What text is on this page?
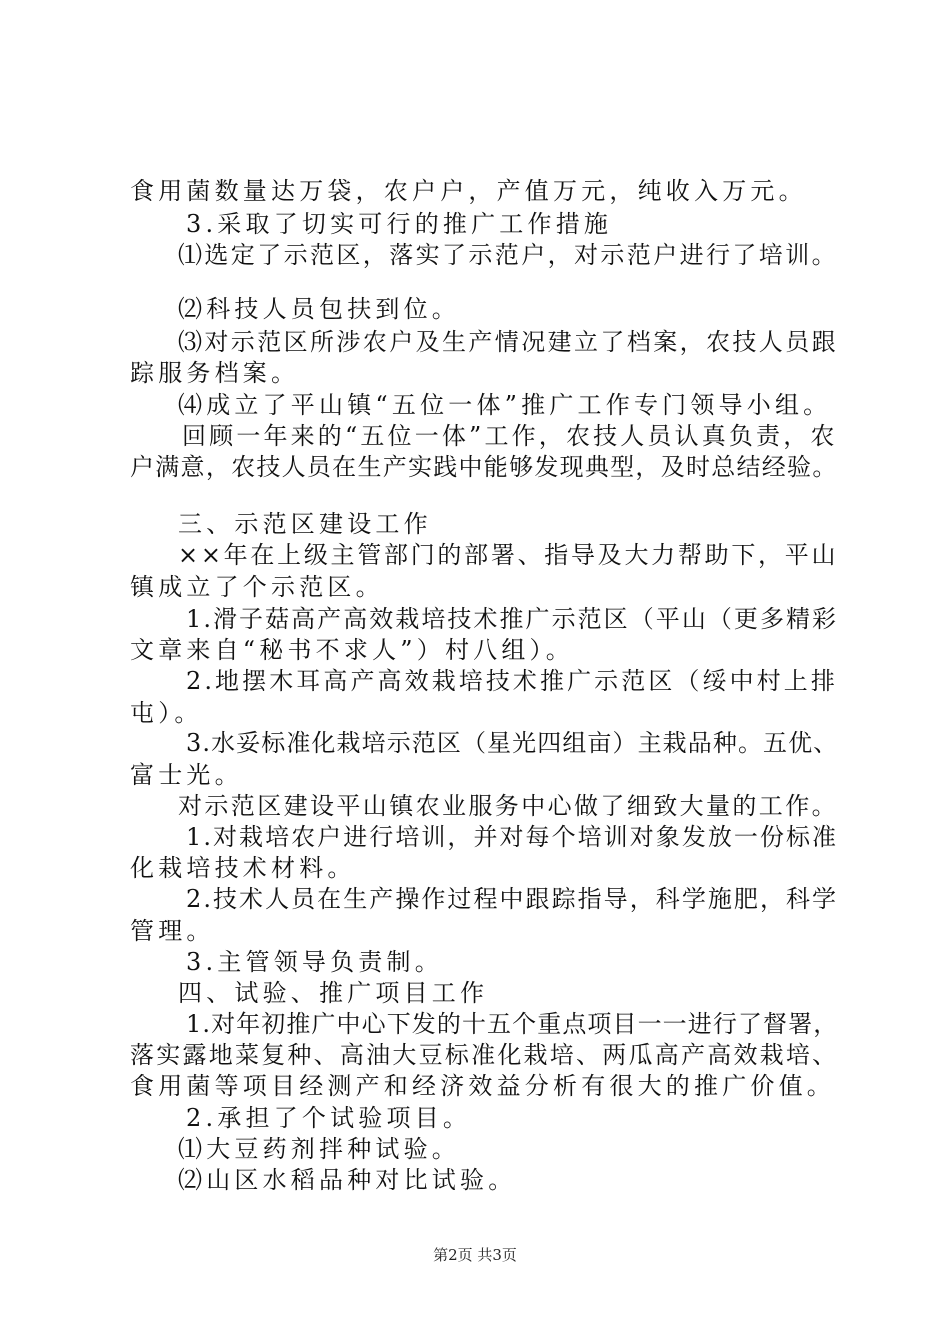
食用菌数量达万袋，农户户，产值万元，纯收入万元。
3.采取了切实可行的推广工作措施
⑴选定了示范区，落实了示范户，对示范户进行了培训。
⑵科技人员包扶到位。
⑶对示范区所涉农户及生产情况建立了档案，农技人员跟
踪服务档案。
⑷成立了平山镇“五位一体”推广工作专门领导小组。
回顾一年来的“五位一体”工作，农技人员认真负责，农
户满意，农技人员在生产实践中能够发现典型，及时总结经验。
三、示范区建设工作
××年在上级主管部门的部署、指导及大力帮助下，平山
镇成立了个示范区。
1.滑子菇高产高效栽培技术推广示范区（平山（更多精彩
文章来自“秘书不求人”）村八组）。
2.地摆木耳高产高效栽培技术推广示范区（绥中村上排
屯）。
3.水妥标准化栽培示范区（星光四组亩）主栽品种。五优、
富士光。
对示范区建设平山镇农业服务中心做了细致大量的工作。
1.对栽培农户进行培训，并对每个培训对象发放一份标准
化栽培技术材料。
2.技术人员在生产操作过程中跟踪指导，科学施肥，科学
管理。
3.主管领导负责制。
四、试验、推广项目工作
1.对年初推广中心下发的十五个重点项目一一进行了督署，
落实露地菜复种、高油大豆标准化栽培、两瓜高产高效栽培、
食用菌等项目经测产和经济效益分析有很大的推广价值。
2.承担了个试验项目。
⑴大豆药剂拌种试验。
⑵山区水稻品种对比试验。
第2页 共3页
